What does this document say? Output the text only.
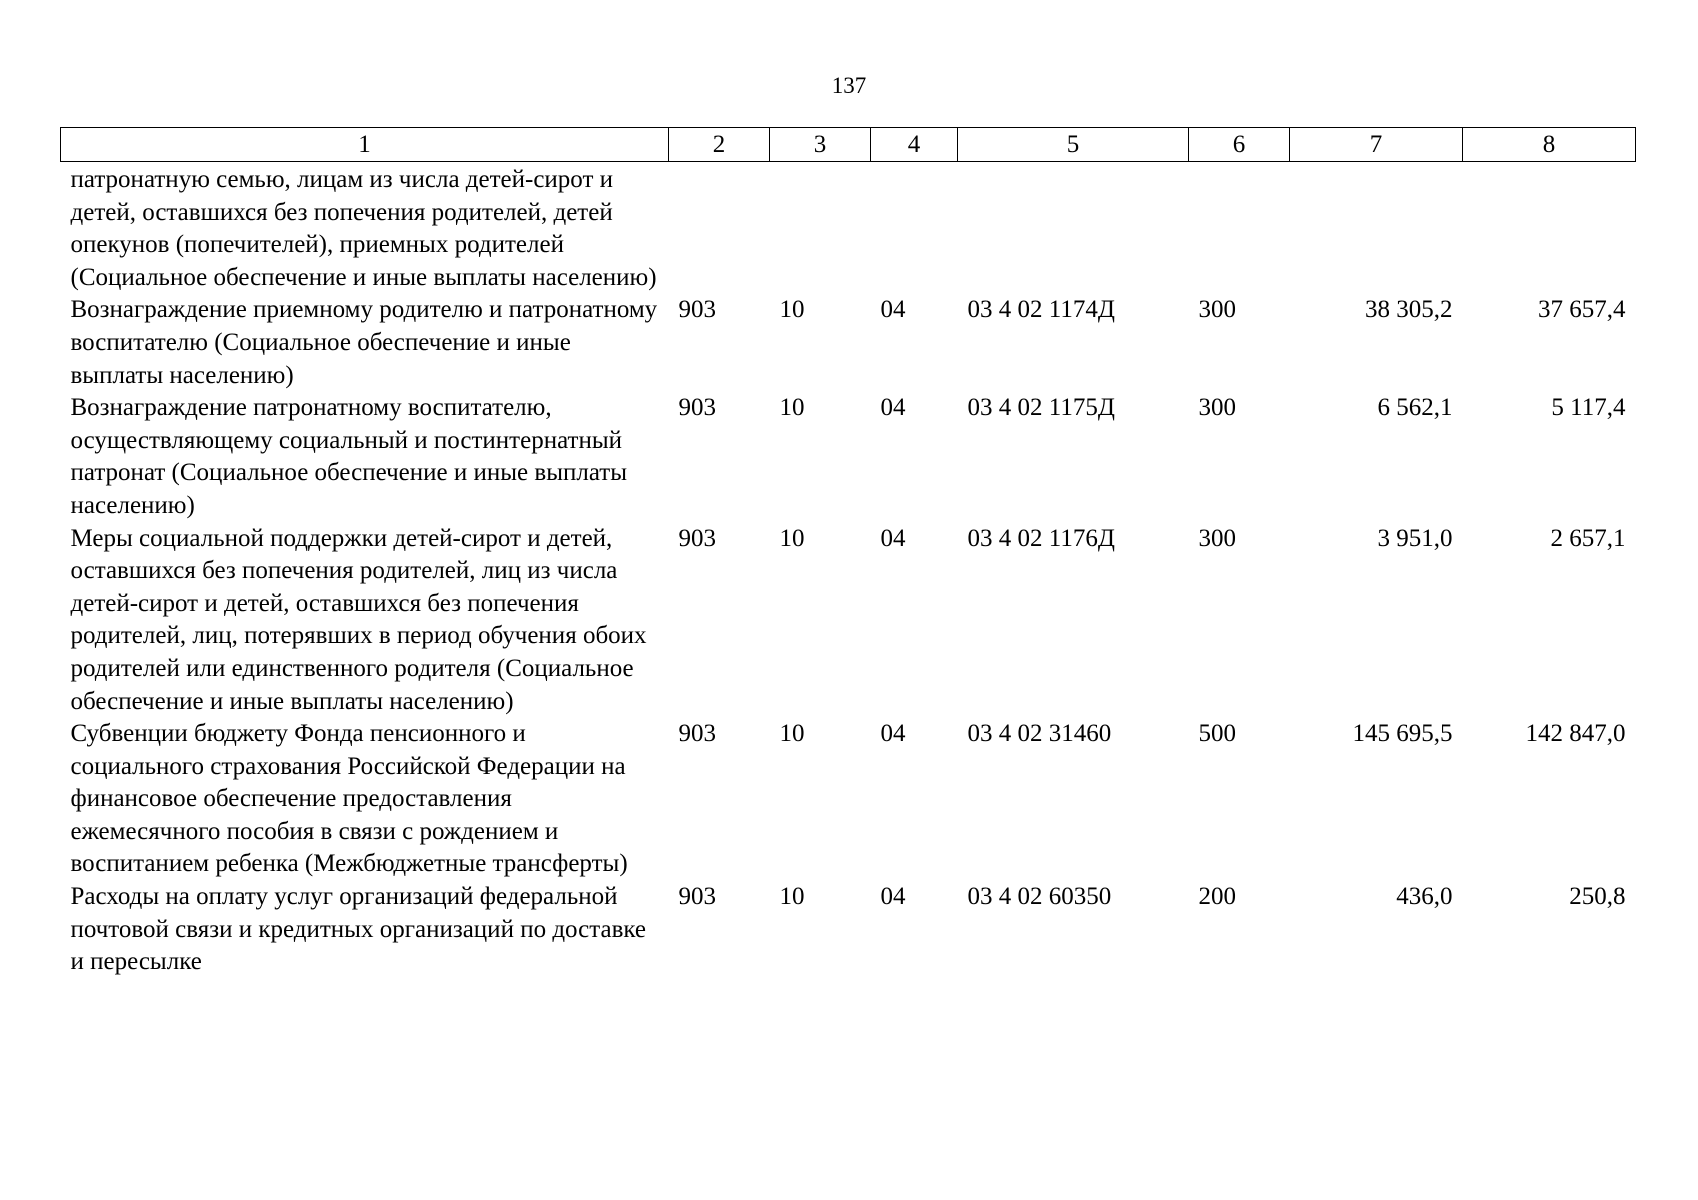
137
1	2	3	4	5	6	7	8
патронатную семью, лицам из числа детей-сирот и детей, оставшихся без попечения родителей, детей опекунов (попечителей), приемных родителей (Социальное обеспечение и иные выплаты населению)							
Вознаграждение приемному родителю и патронатному воспитателю (Социальное обеспечение и иные выплаты населению)	903	10	04	03 4 02 1174Д	300	38 305,2	37 657,4
Вознаграждение патронатному воспитателю, осуществляющему социальный и постинтернатный патронат (Социальное обеспечение и иные выплаты населению)	903	10	04	03 4 02 1175Д	300	6 562,1	5 117,4
Меры социальной поддержки детей-сирот и детей, оставшихся без попечения родителей, лиц из числа детей-сирот и детей, оставшихся без попечения родителей, лиц, потерявших в период обучения обоих родителей или единственного родителя (Социальное обеспечение и иные выплаты населению)	903	10	04	03 4 02 1176Д	300	3 951,0	2 657,1
Субвенции бюджету Фонда пенсионного и социального страхования Российской Федерации на финансовое обеспечение предоставления ежемесячного пособия в связи с рождением и воспитанием ребенка (Межбюджетные трансферты)	903	10	04	03 4 02 31460	500	145 695,5	142 847,0
Расходы на оплату услуг организаций федеральной почтовой связи и кредитных организаций по доставке и пересылке	903	10	04	03 4 02 60350	200	436,0	250,8
